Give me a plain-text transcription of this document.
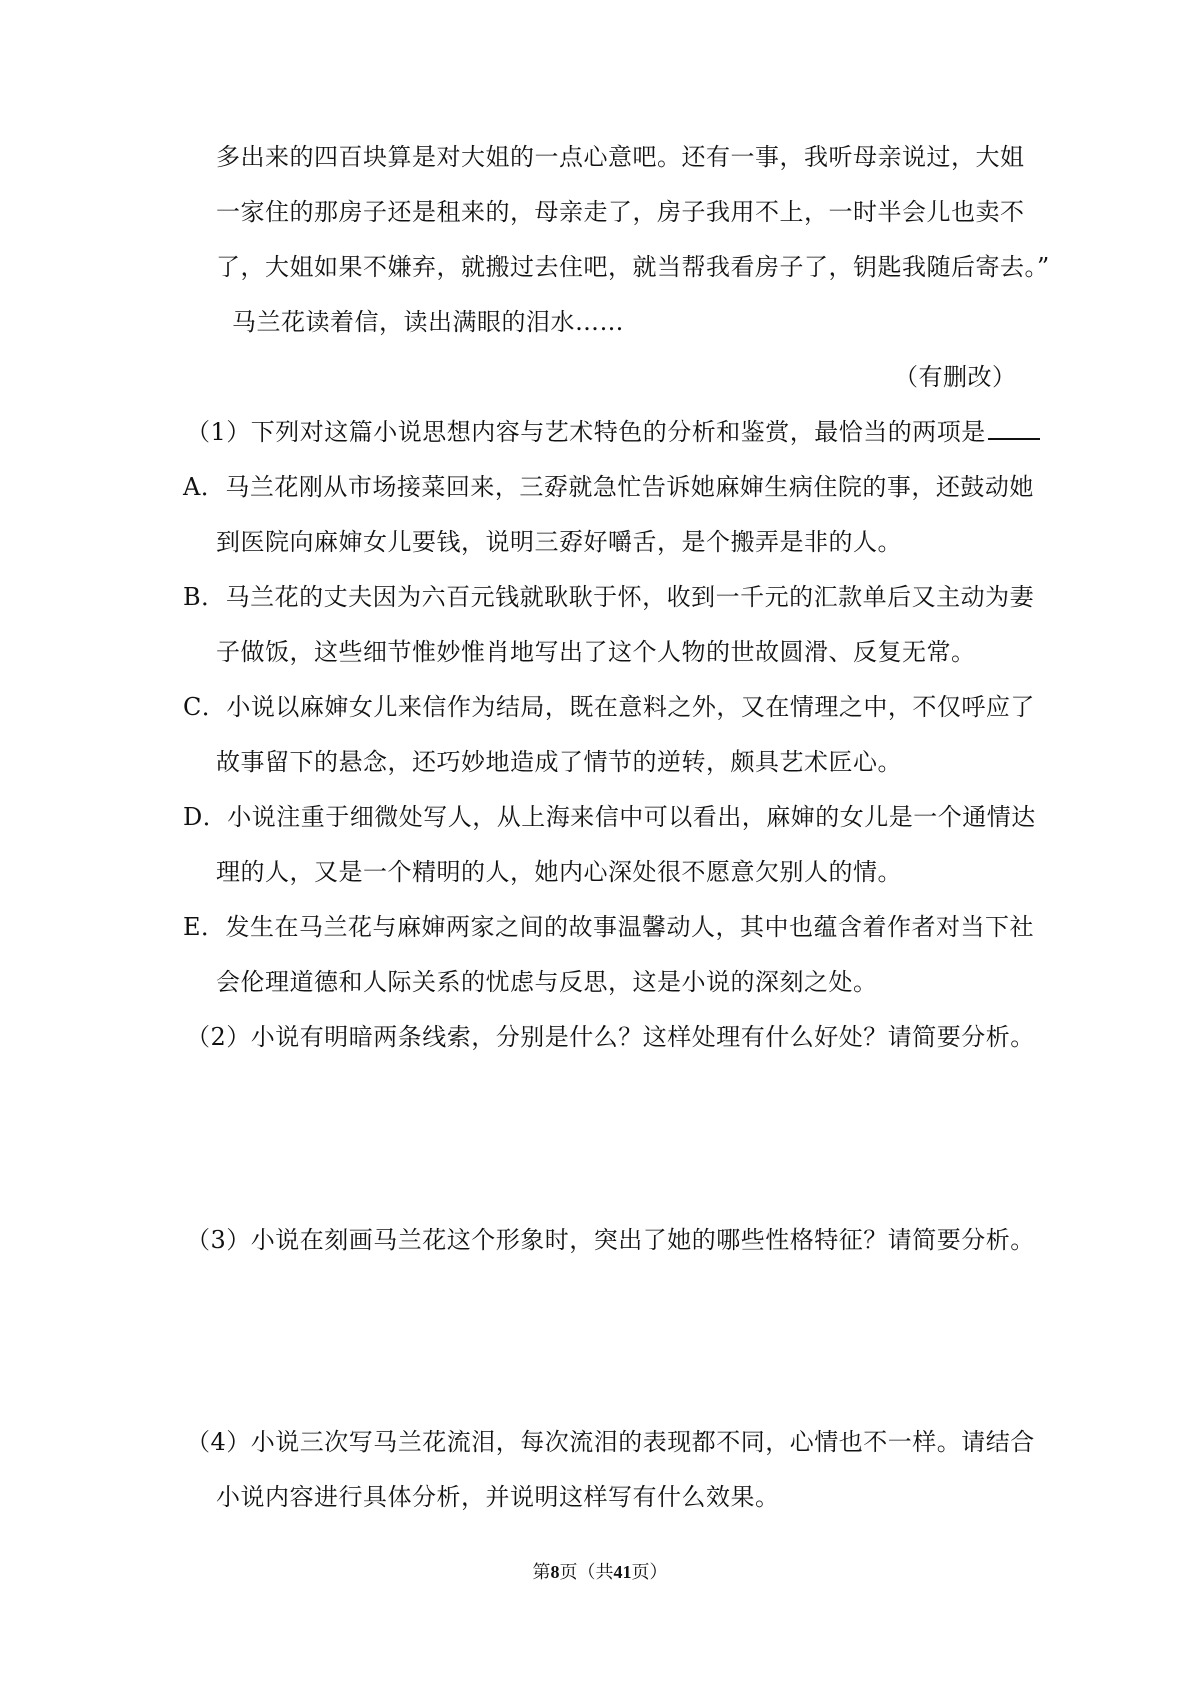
多出来的四百块算是对大姐的一点心意吧。还有一事，我听母亲说过，大姐
一家住的那房子还是租来的，母亲走了，房子我用不上，一时半会儿也卖不
了，大姐如果不嫌弃，就搬过去住吧，就当帮我看房子了，钥匙我随后寄去。”
马兰花读着信，读出满眼的泪水……
（有删改）
（1）下列对这篇小说思想内容与艺术特色的分析和鉴赏，最恰当的两项是
A．马兰花刚从市场接菜回来，三孬就急忙告诉她麻婶生病住院的事，还鼓动她
到医院向麻婶女儿要钱，说明三孬好嚼舌，是个搬弄是非的人。
B．马兰花的丈夫因为六百元钱就耿耿于怀，收到一千元的汇款单后又主动为妻
子做饭，这些细节惟妙惟肖地写出了这个人物的世故圆滑、反复无常。
C．小说以麻婶女儿来信作为结局，既在意料之外，又在情理之中，不仅呼应了
故事留下的悬念，还巧妙地造成了情节的逆转，颇具艺术匠心。
D．小说注重于细微处写人，从上海来信中可以看出，麻婶的女儿是一个通情达
理的人，又是一个精明的人，她内心深处很不愿意欠别人的情。
E．发生在马兰花与麻婶两家之间的故事温馨动人，其中也蕴含着作者对当下社
会伦理道德和人际关系的忧虑与反思，这是小说的深刻之处。
（2）小说有明暗两条线索，分别是什么？这样处理有什么好处？请简要分析。
（3）小说在刻画马兰花这个形象时，突出了她的哪些性格特征？请简要分析。
（4）小说三次写马兰花流泪，每次流泪的表现都不同，心情也不一样。请结合
小说内容进行具体分析，并说明这样写有什么效果。
第8页（共41页）
